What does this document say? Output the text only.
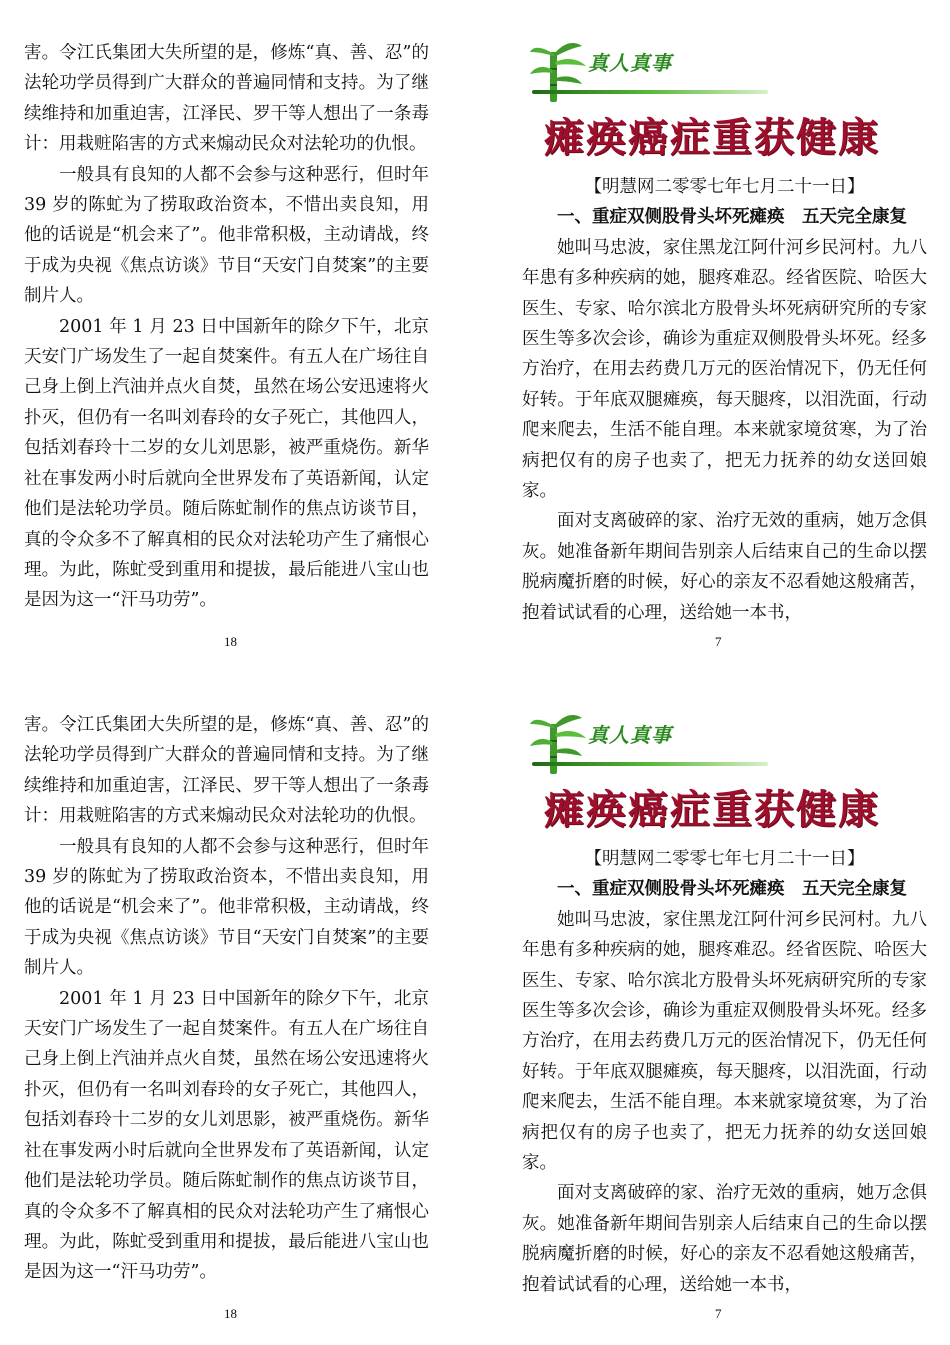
害。令江氏集团大失所望的是，修炼“真、善、忍”的法轮功学员得到广大群众的普遍同情和支持。为了继续维持和加重迫害，江泽民、罗干等人想出了一条毒计：用栽赃陷害的方式来煽动民众对法轮功的仇恨。

一般具有良知的人都不会参与这种恶行，但时年 39 岁的陈虻为了捞取政治资本，不惜出卖良知，用他的话说是“机会来了”。他非常积极，主动请战，终于成为央视《焦点访谈》节目“天安门自焚案”的主要制片人。

2001 年 1 月 23 日中国新年的除夕下午，北京天安门广场发生了一起自焚案件。有五人在广场往自己身上倒上汽油并点火自焚，虽然在场公安迅速将火扑灭，但仍有一名叫刘春玲的女子死亡，其他四人，包括刘春玲十二岁的女儿刘思影，被严重烧伤。新华社在事发两小时后就向全世界发布了英语新闻，认定他们是法轮功学员。随后陈虻制作的焦点访谈节目，真的令众多不了解真相的民众对法轮功产生了痛恨心理。为此，陈虻受到重用和提拔，最后能进八宝山也是因为这一“汗马功劳”。

18
真人真事
瘫痪癌症重获健康

【明慧网二零零七年七月二十一日】

一、重症双侧股骨头坏死瘫痪　五天完全康复

她叫马忠波，家住黑龙江阿什河乡民河村。九八年患有多种疾病的她，腿疼难忍。经省医院、哈医大医生、专家、哈尔滨北方股骨头坏死病研究所的专家医生等多次会诊，确诊为重症双侧股骨头坏死。经多方治疗，在用去药费几万元的医治情况下，仍无任何好转。于年底双腿瘫痪，每天腿疼，以泪洗面，行动爬来爬去，生活不能自理。本来就家境贫寒，为了治病把仅有的房子也卖了，把无力抚养的幼女送回娘家。

面对支离破碎的家、治疗无效的重病，她万念俱灰。她准备新年期间告别亲人后结束自己的生命以摆脱病魔折磨的时候，好心的亲友不忍看她这般痛苦，抱着试试看的心理，送给她一本书，

7

害。令江氏集团大失所望的是，修炼“真、善、忍”的法轮功学员得到广大群众的普遍同情和支持。为了继续维持和加重迫害，江泽民、罗干等人想出了一条毒计：用栽赃陷害的方式来煽动民众对法轮功的仇恨。

一般具有良知的人都不会参与这种恶行，但时年 39 岁的陈虻为了捞取政治资本，不惜出卖良知，用他的话说是“机会来了”。他非常积极，主动请战，终于成为央视《焦点访谈》节目“天安门自焚案”的主要制片人。

2001 年 1 月 23 日中国新年的除夕下午，北京天安门广场发生了一起自焚案件。有五人在广场往自己身上倒上汽油并点火自焚，虽然在场公安迅速将火扑灭，但仍有一名叫刘春玲的女子死亡，其他四人，包括刘春玲十二岁的女儿刘思影，被严重烧伤。新华社在事发两小时后就向全世界发布了英语新闻，认定他们是法轮功学员。随后陈虻制作的焦点访谈节目，真的令众多不了解真相的民众对法轮功产生了痛恨心理。为此，陈虻受到重用和提拔，最后能进八宝山也是因为这一“汗马功劳”。

18
真人真事
瘫痪癌症重获健康

【明慧网二零零七年七月二十一日】

一、重症双侧股骨头坏死瘫痪　五天完全康复

她叫马忠波，家住黑龙江阿什河乡民河村。九八年患有多种疾病的她，腿疼难忍。经省医院、哈医大医生、专家、哈尔滨北方股骨头坏死病研究所的专家医生等多次会诊，确诊为重症双侧股骨头坏死。经多方治疗，在用去药费几万元的医治情况下，仍无任何好转。于年底双腿瘫痪，每天腿疼，以泪洗面，行动爬来爬去，生活不能自理。本来就家境贫寒，为了治病把仅有的房子也卖了，把无力抚养的幼女送回娘家。

面对支离破碎的家、治疗无效的重病，她万念俱灰。她准备新年期间告别亲人后结束自己的生命以摆脱病魔折磨的时候，好心的亲友不忍看她这般痛苦，抱着试试看的心理，送给她一本书，

7
